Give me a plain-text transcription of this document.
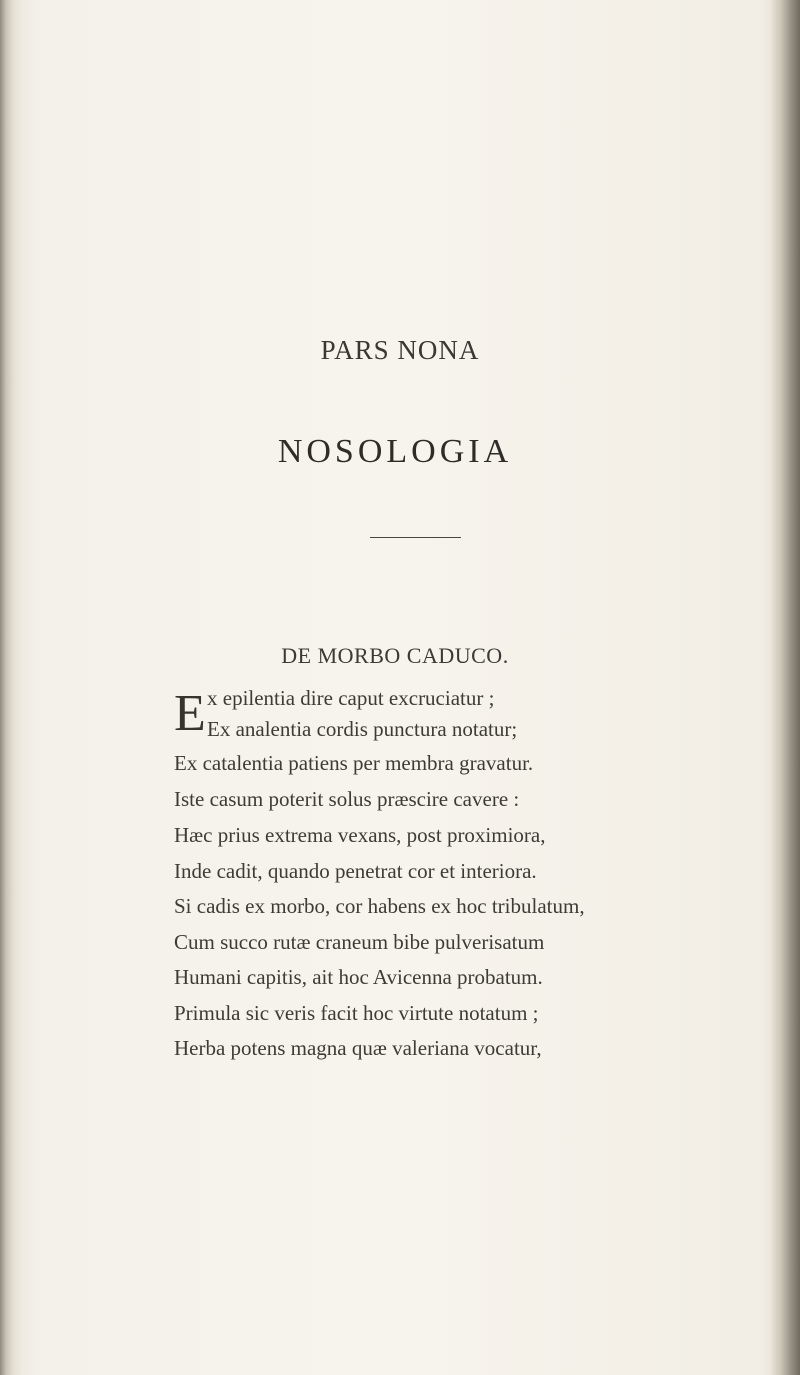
PARS NONA
NOSOLOGIA
DE MORBO CADUCO.
E x epilentia dire caput excruciatur ;
Ex analentia cordis punctura notatur;
Ex catalentia patiens per membra gravatur.
Iste casum poterit solus præscire cavere :
Hæc prius extrema vexans, post proximiora,
Inde cadit, quando penetrat cor et interiora.
Si cadis ex morbo, cor habens ex hoc tribulatum,
Cum succo rutæ craneum bibe pulverisatum
Humani capitis, ait hoc Avicenna probatum.
Primula sic veris facit hoc virtute notatum ;
Herba potens magna quæ valeriana vocatur,
